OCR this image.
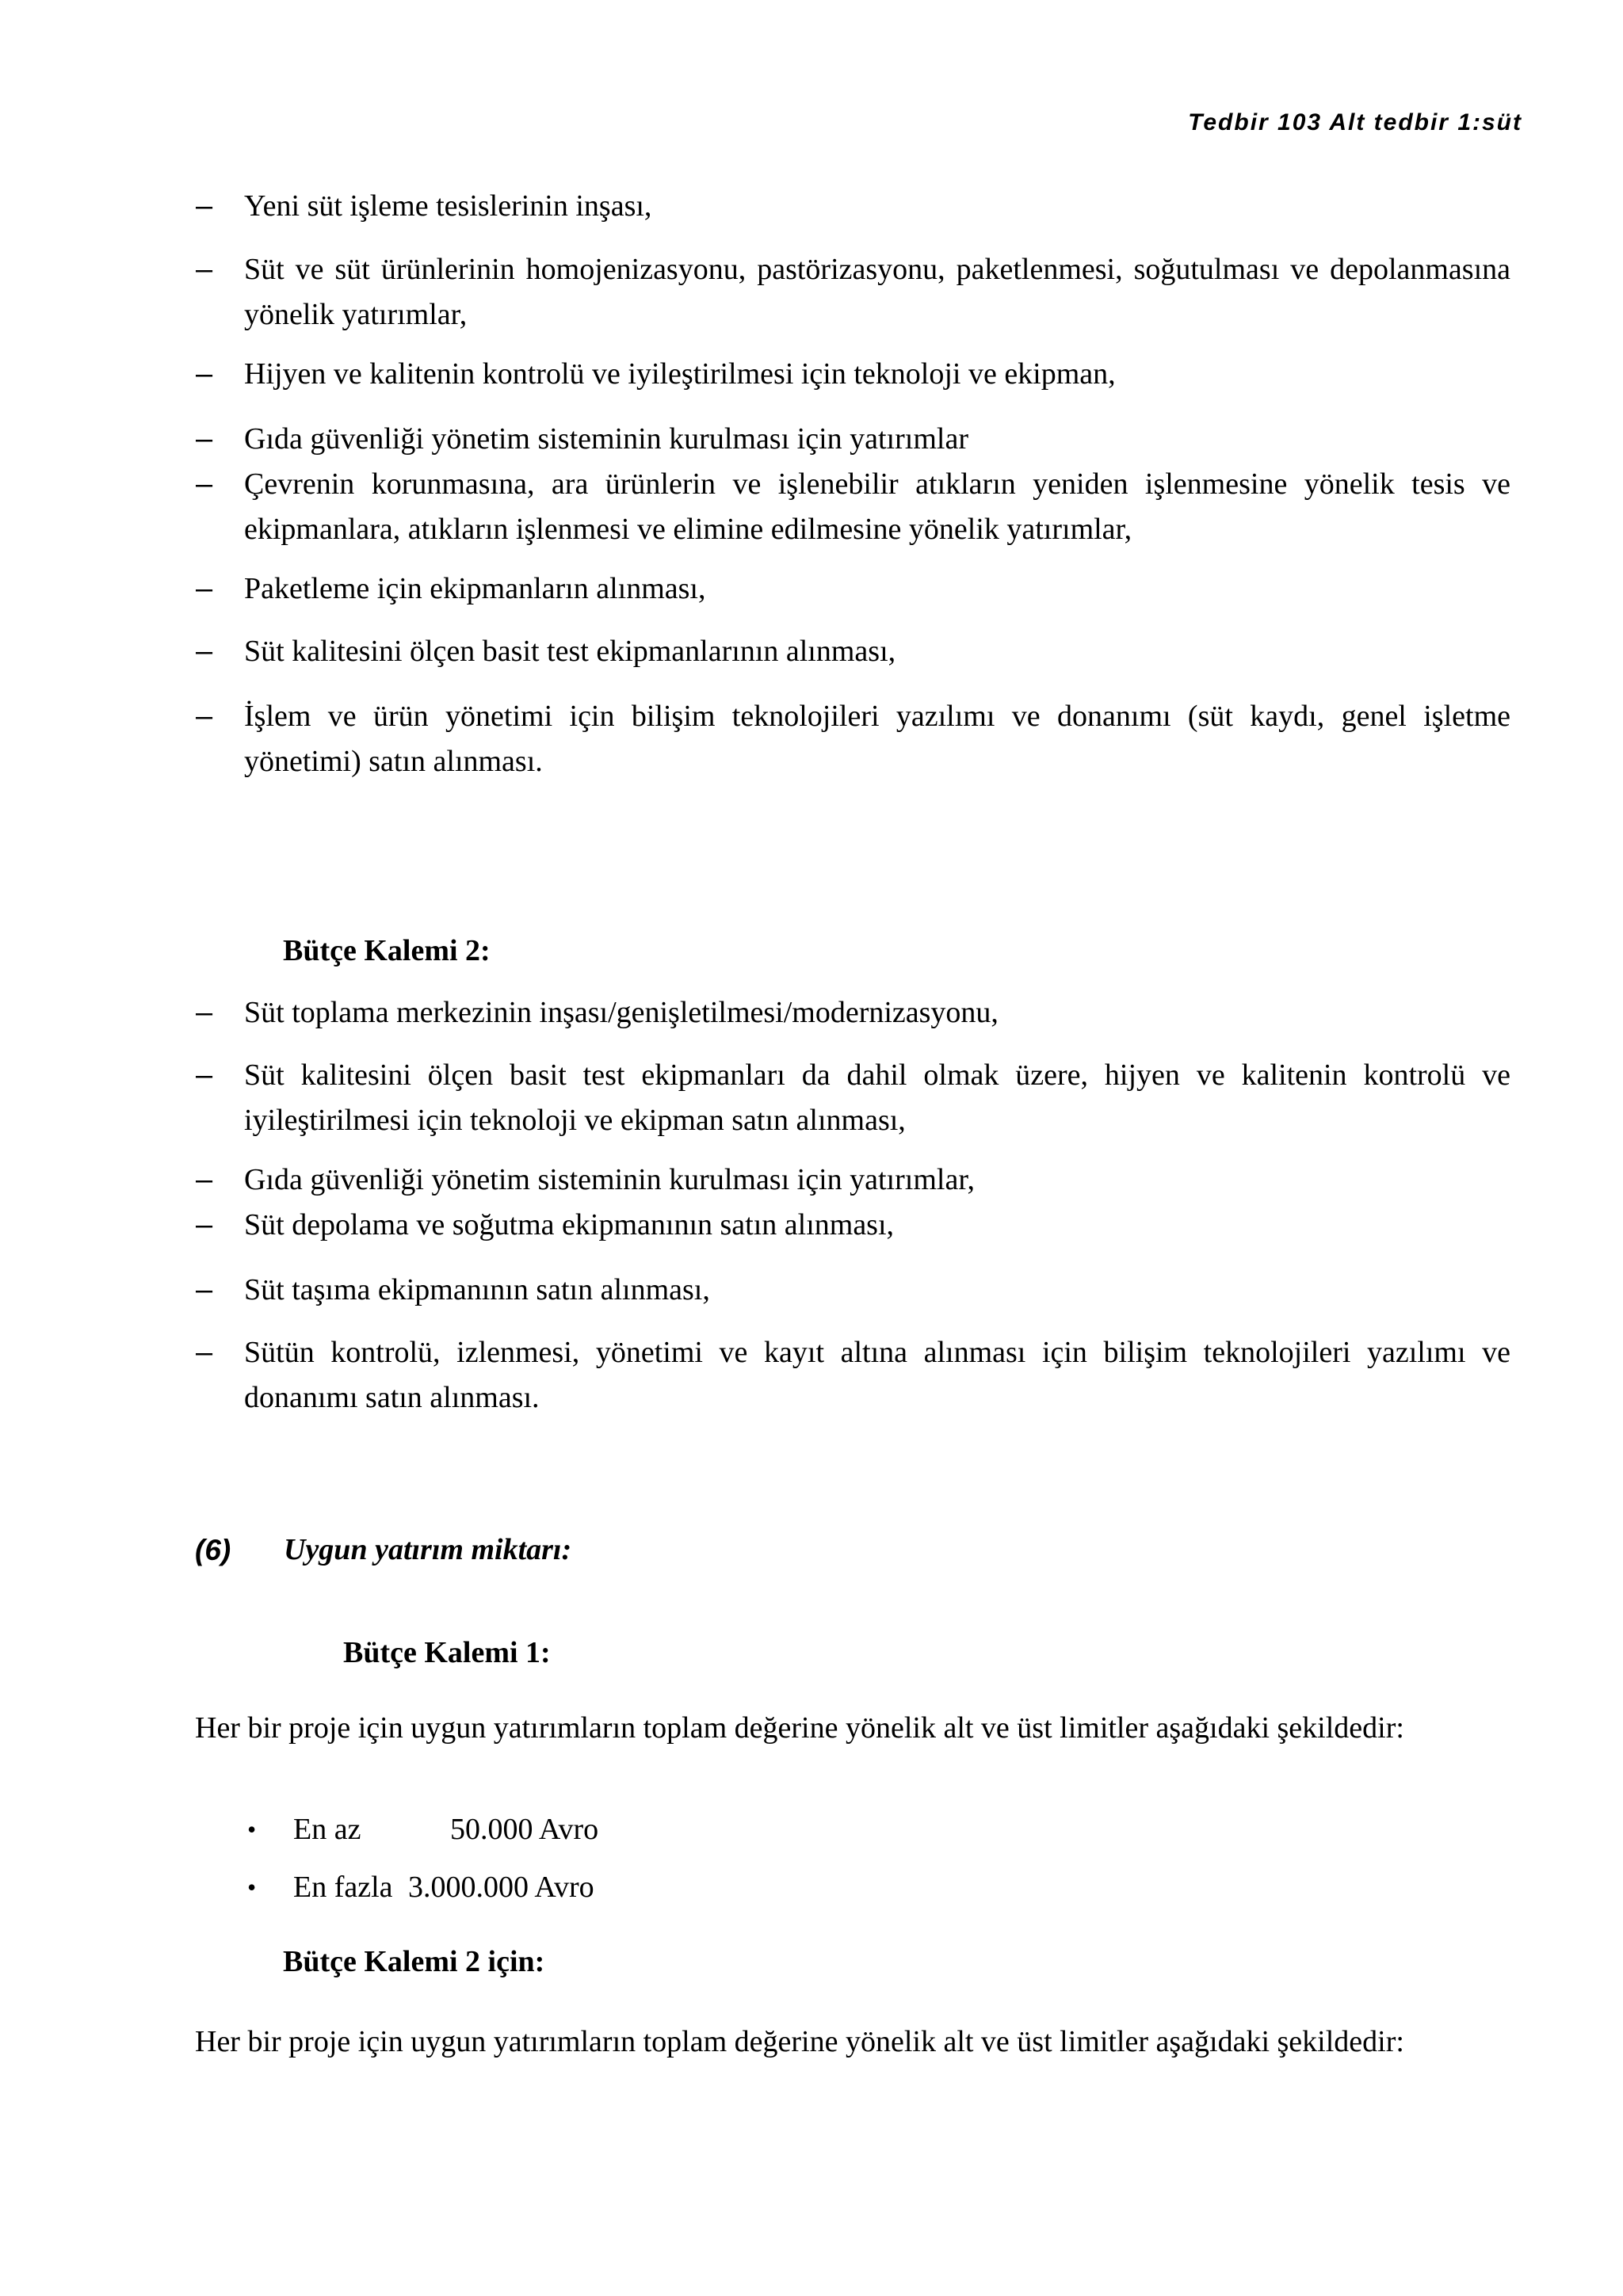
Tedbir 103 Alt tedbir 1:süt
–	Yeni süt işleme tesislerinin inşası,
–	Süt ve süt ürünlerinin homojenizasyonu, pastörizasyonu, paketlenmesi, soğutulması ve depolanmasına yönelik yatırımlar,
–	Hijyen ve kalitenin kontrolü ve iyileştirilmesi için teknoloji ve ekipman,
–	Gıda güvenliği yönetim sisteminin kurulması için yatırımlar
–	Çevrenin korunmasına, ara ürünlerin ve işlenebilir atıkların yeniden işlenmesine yönelik tesis ve ekipmanlara, atıkların işlenmesi ve elimine edilmesine yönelik yatırımlar,
–	Paketleme için ekipmanların alınması,
–	Süt kalitesini ölçen basit test ekipmanlarının alınması,
–	İşlem ve ürün yönetimi için bilişim teknolojileri yazılımı ve donanımı (süt kaydı, genel işletme yönetimi) satın alınması.
Bütçe Kalemi 2:
–	Süt toplama merkezinin inşası/genişletilmesi/modernizasyonu,
–	Süt kalitesini ölçen basit test ekipmanları da dahil olmak üzere, hijyen ve kalitenin kontrolü ve iyileştirilmesi için teknoloji ve ekipman satın alınması,
–	Gıda güvenliği yönetim sisteminin kurulması için yatırımlar,
–	Süt depolama ve soğutma ekipmanının satın alınması,
–	Süt taşıma ekipmanının satın alınması,
–	Sütün kontrolü, izlenmesi, yönetimi ve kayıt altına alınması için bilişim teknolojileri yazılımı ve donanımı satın alınması.
(6) Uygun yatırım miktarı:
Bütçe Kalemi 1:
Her bir proje için uygun yatırımların toplam değerine yönelik alt ve üst limitler aşağıdaki şekildedir:
• En az	50.000 Avro
• En fazla 3.000.000 Avro
Bütçe Kalemi 2 için:
Her bir proje için uygun yatırımların toplam değerine yönelik alt ve üst limitler aşağıdaki şekildedir:
